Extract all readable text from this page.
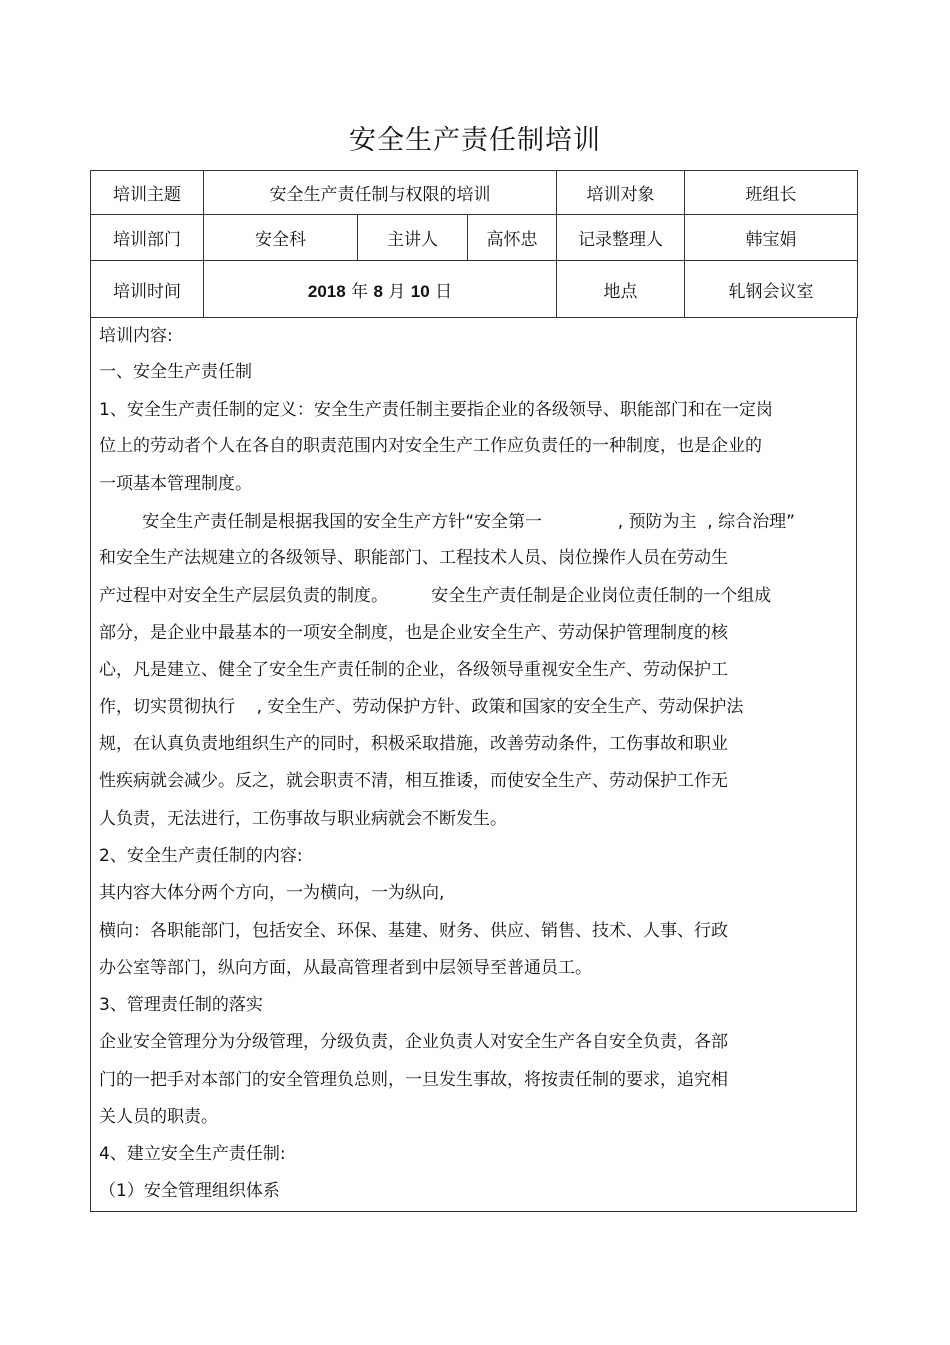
安全生产责任制培训
培训主题	安全生产责任制与权限的培训			培训对象	班组长
培训部门	安全科	主讲人	高怀忠	记录整理人	韩宝娟
培训时间	2018 年 8 月 10 日			地点	轧钢会议室
培训内容:
一、安全生产责任制
1、安全生产责任制的定义：安全生产责任制主要指企业的各级领导、职能部门和在一定岗
位上的劳动者个人在各自的职责范围内对安全生产工作应负责任的一种制度，也是企业的
一项基本管理制度。
安全生产责任制是根据我国的安全生产方针“安全第一              , 预防为主  , 综合治理”
和安全生产法规建立的各级领导、职能部门、工程技术人员、岗位操作人员在劳动生
产过程中对安全生产层层负责的制度。        安全生产责任制是企业岗位责任制的一个组成
部分，是企业中最基本的一项安全制度，也是企业安全生产、劳动保护管理制度的核
心，凡是建立、健全了安全生产责任制的企业，各级领导重视安全生产、劳动保护工
作，切实贯彻执行    , 安全生产、劳动保护方针、政策和国家的安全生产、劳动保护法
规，在认真负责地组织生产的同时，积极采取措施，改善劳动条件，工伤事故和职业
性疾病就会减少。反之，就会职责不清，相互推诿，而使安全生产、劳动保护工作无
人负责，无法进行，工伤事故与职业病就会不断发生。
2、安全生产责任制的内容:
其内容大体分两个方向，一为横向，一为纵向,
横向：各职能部门，包括安全、环保、基建、财务、供应、销售、技术、人事、行政
办公室等部门，纵向方面，从最高管理者到中层领导至普通员工。
3、管理责任制的落实
企业安全管理分为分级管理，分级负责，企业负责人对安全生产各自安全负责，各部
门的一把手对本部门的安全管理负总则，一旦发生事故，将按责任制的要求，追究相
关人员的职责。
4、建立安全生产责任制:
（1）安全管理组织体系
